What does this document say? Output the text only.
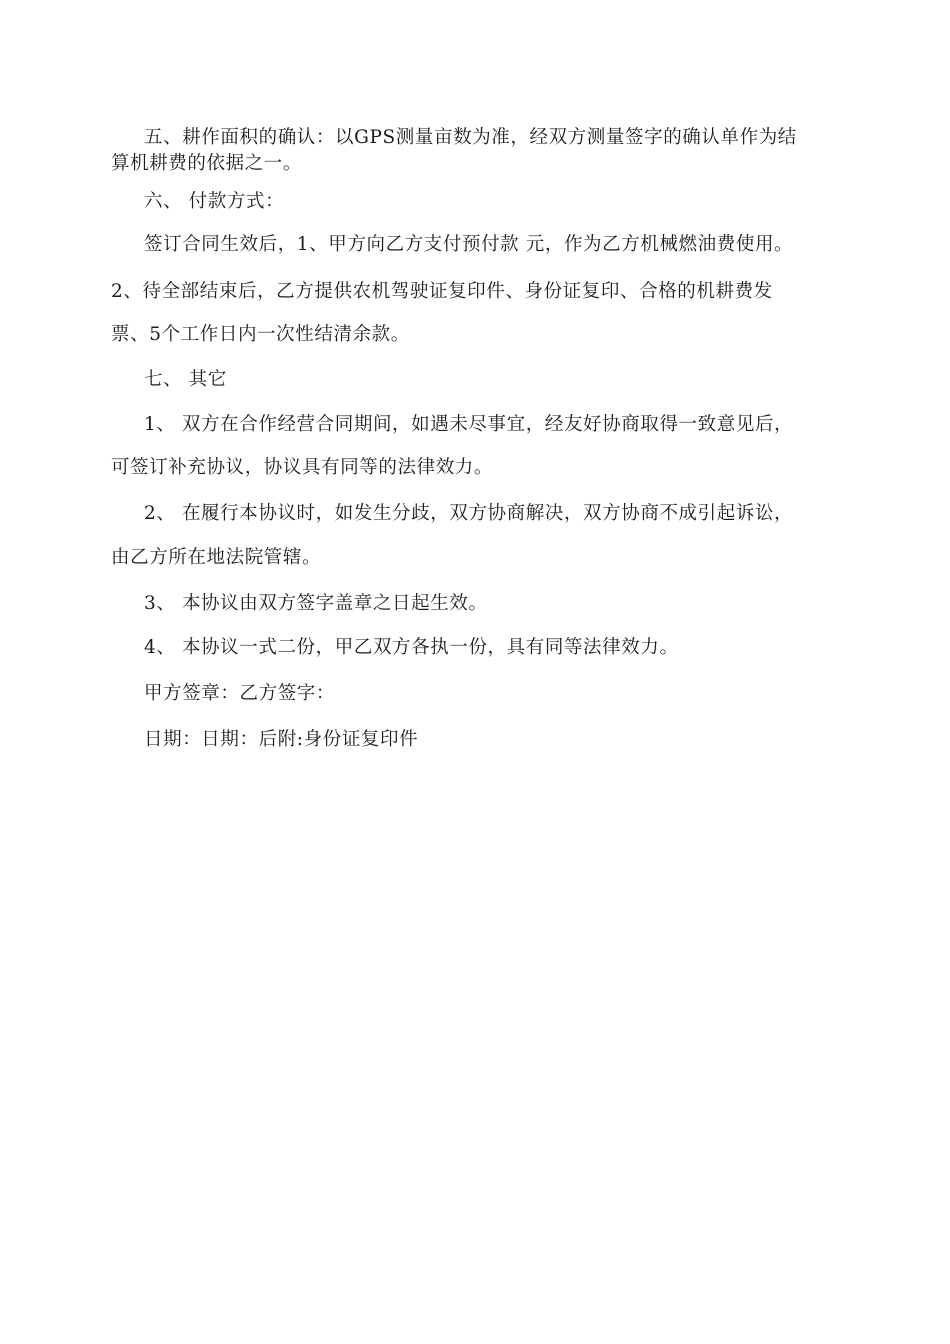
五、耕作面积的确认：以GPS测量亩数为准，经双方测量签字的确认单作为结
算机耕费的依据之一。
六、 付款方式：
签订合同生效后，1、甲方向乙方支付预付款 元，作为乙方机械燃油费使用。
2、待全部结束后，乙方提供农机驾驶证复印件、身份证复印、合格的机耕费发
票、5个工作日内一次性结清余款。
七、 其它
1、 双方在合作经营合同期间，如遇未尽事宜，经友好协商取得一致意见后，
可签订补充协议，协议具有同等的法律效力。
2、 在履行本协议时，如发生分歧，双方协商解决，双方协商不成引起诉讼，
由乙方所在地法院管辖。
3、 本协议由双方签字盖章之日起生效。
4、 本协议一式二份，甲乙双方各执一份，具有同等法律效力。
甲方签章：乙方签字：
日期：日期：后附:身份证复印件
